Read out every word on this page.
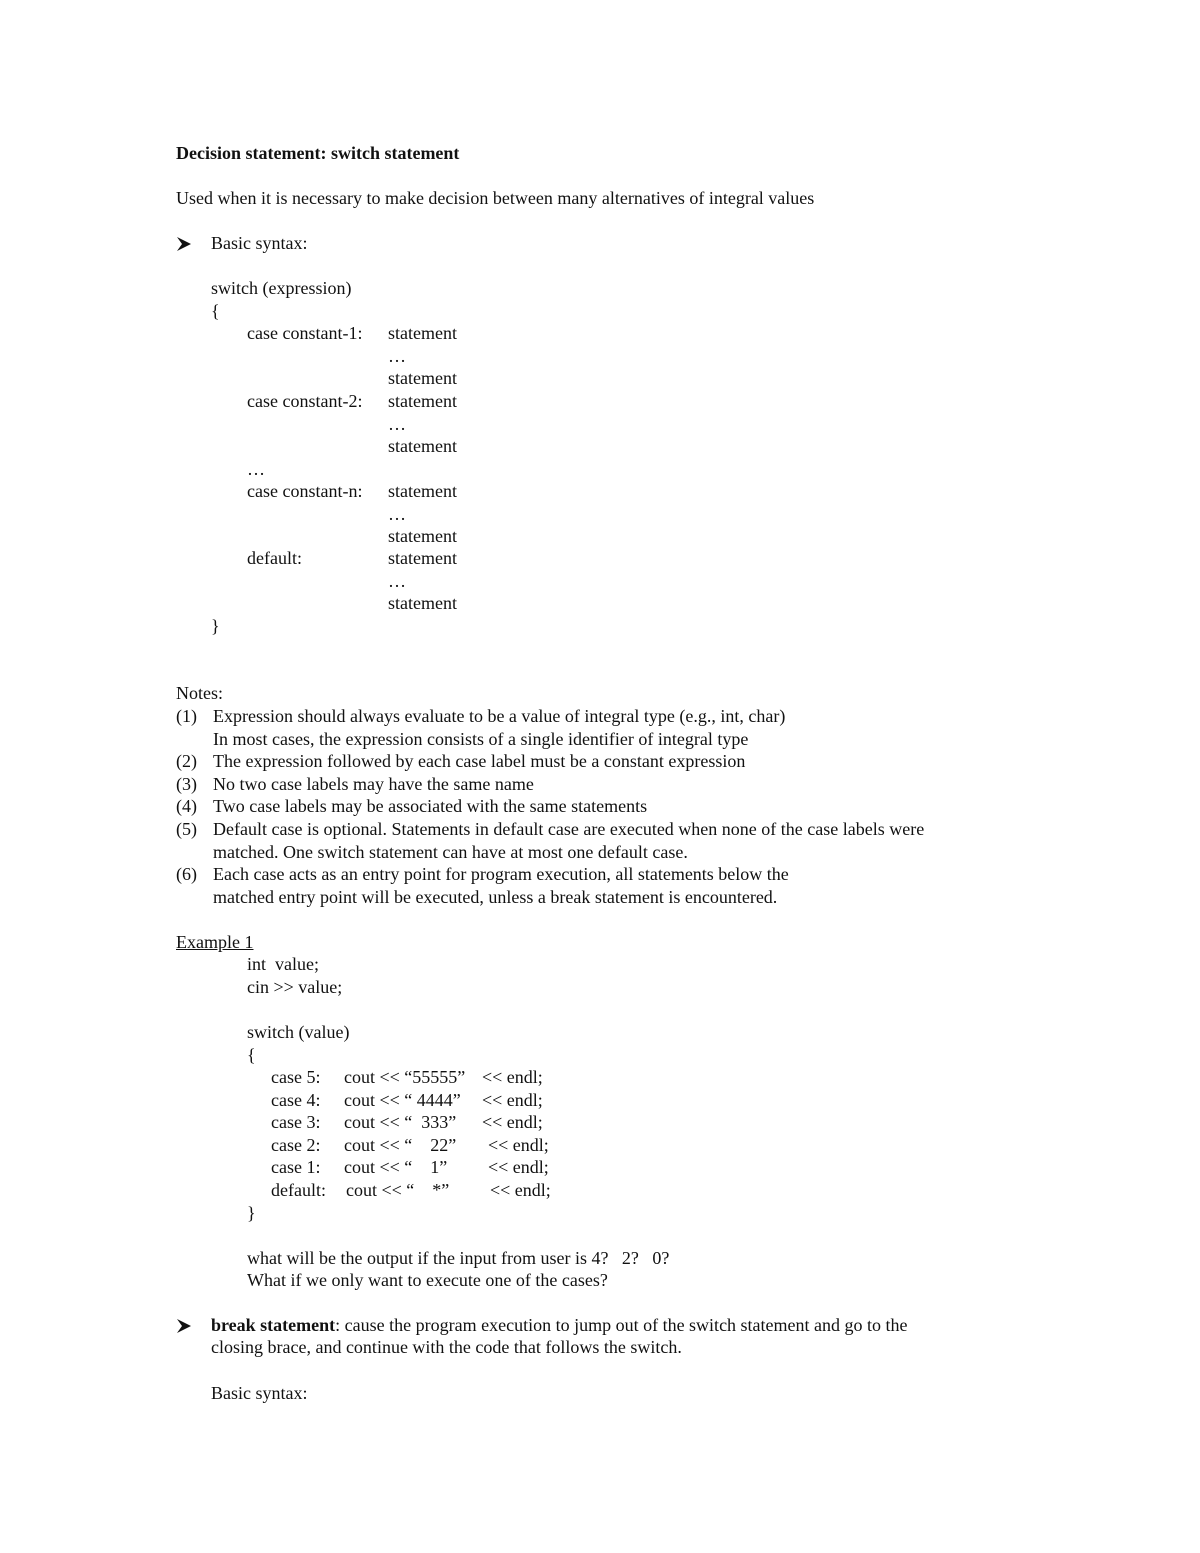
Decision statement: switch statement
Used when it is necessary to make decision between many alternatives of integral values
Basic syntax:
switch (expression)
{
case constant-1: statement
…
statement
case constant-2: statement
…
statement
…
case constant-n: statement
…
statement
default:	statement
…
statement
}
Notes:
(1) Expression should always evaluate to be a value of integral type (e.g., int, char)
In most cases, the expression consists of a single identifier of integral type
(2) The expression followed by each case label must be a constant expression
(3) No two case labels may have the same name
(4) Two case labels may be associated with the same statements
(5) Default case is optional. Statements in default case are executed when none of the case labels were
matched. One switch statement can have at most one default case.
(6) Each case acts as an entry point for program execution, all statements below the
matched entry point will be executed, unless a break statement is encountered.
Example 1
int  value;
cin >> value;
switch (value)
{
case 5: cout << “55555” << endl;
case 4: cout << “ 4444” << endl;
case 3: cout << “  333” << endl;
case 2: cout << “    22” << endl;
case 1: cout << “    1” << endl;
default: cout << “    *” << endl;
}
what will be the output if the input from user is 4?   2?   0?
What if we only want to execute one of the cases?
break statement: cause the program execution to jump out of the switch statement and go to the
closing brace, and continue with the code that follows the switch.
Basic syntax:
